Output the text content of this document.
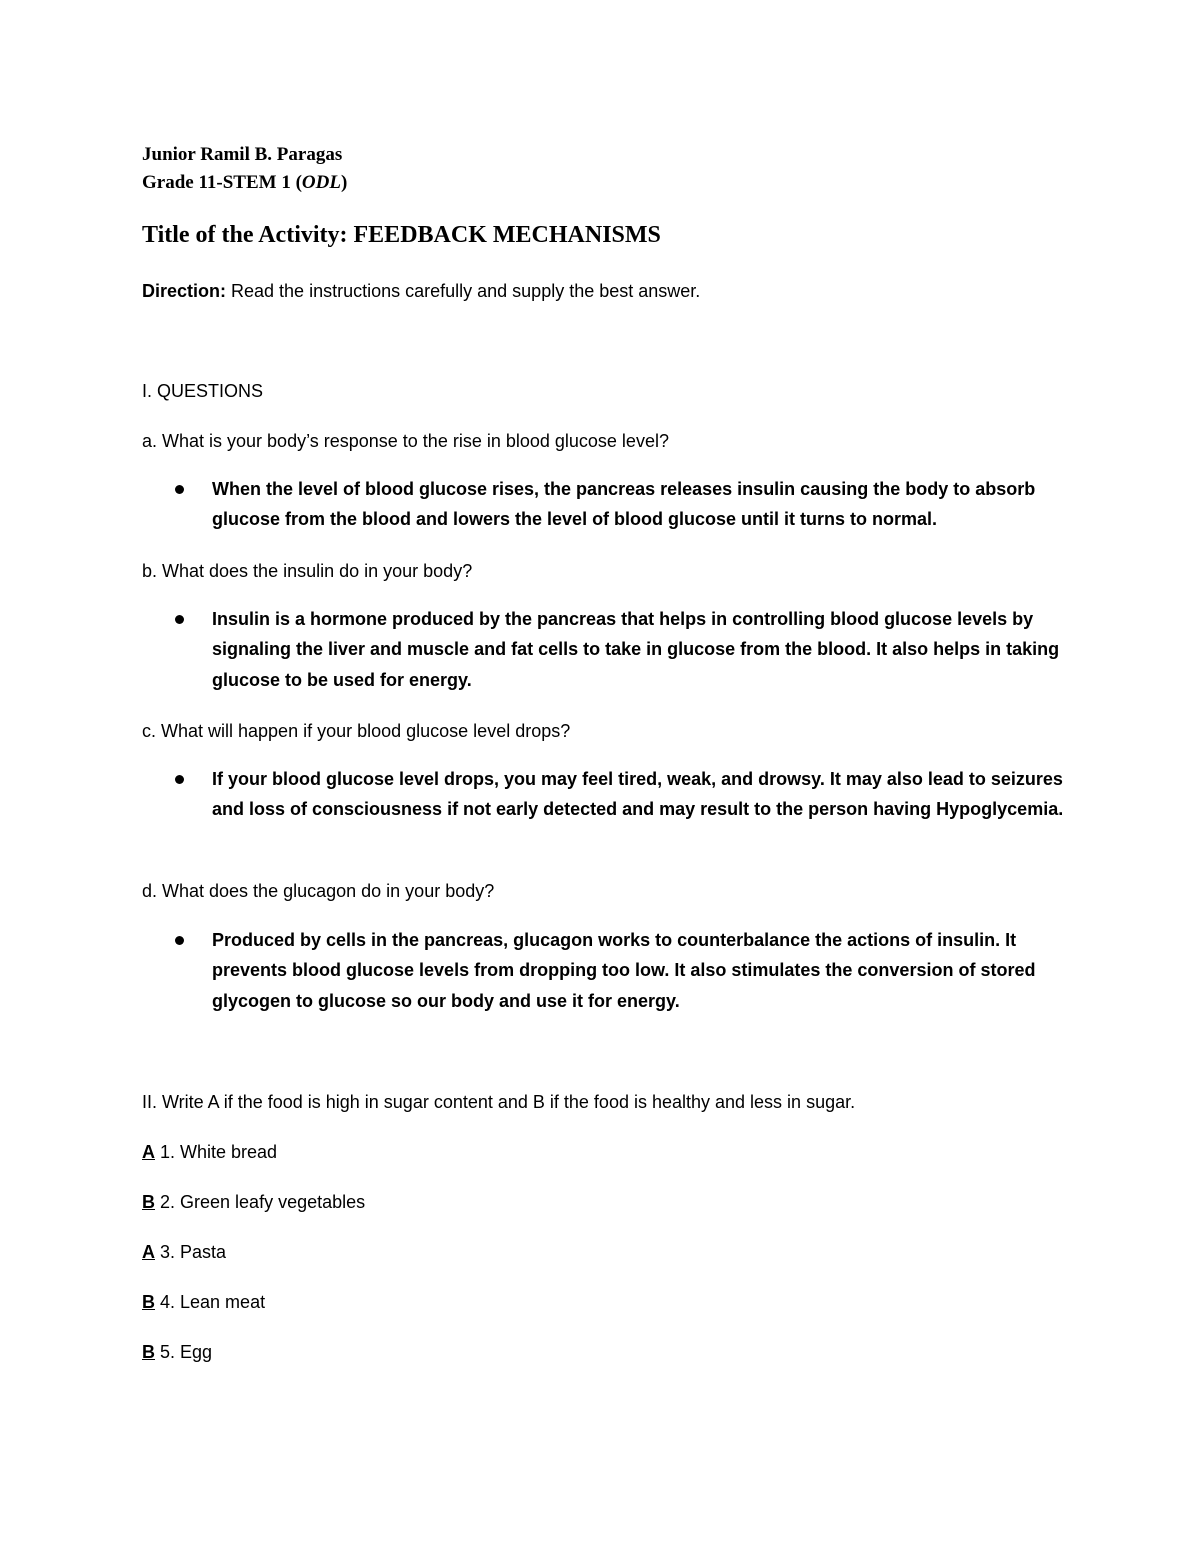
Junior Ramil B. Paragas
Grade 11-STEM 1 (ODL)
Title of the Activity: FEEDBACK MECHANISMS
Direction: Read the instructions carefully and supply the best answer.
I. QUESTIONS
a. What is your body’s response to the rise in blood glucose level?
When the level of blood glucose rises, the pancreas releases insulin causing the body to absorb glucose from the blood and lowers the level of blood glucose until it turns to normal.
b. What does the insulin do in your body?
Insulin is a hormone produced by the pancreas that helps in controlling blood glucose levels by signaling the liver and muscle and fat cells to take in glucose from the blood. It also helps in taking glucose to be used for energy.
c. What will happen if your blood glucose level drops?
If your blood glucose level drops, you may feel tired, weak, and drowsy. It may also lead to seizures and loss of consciousness if not early detected and may result to the person having Hypoglycemia.
d. What does the glucagon do in your body?
Produced by cells in the pancreas, glucagon works to counterbalance the actions of insulin. It prevents blood glucose levels from dropping too low. It also stimulates the conversion of stored glycogen to glucose so our body and use it for energy.
II. Write A if the food is high in sugar content and B if the food is healthy and less in sugar.
A 1. White bread
B 2. Green leafy vegetables
A 3. Pasta
B 4. Lean meat
B 5. Egg
